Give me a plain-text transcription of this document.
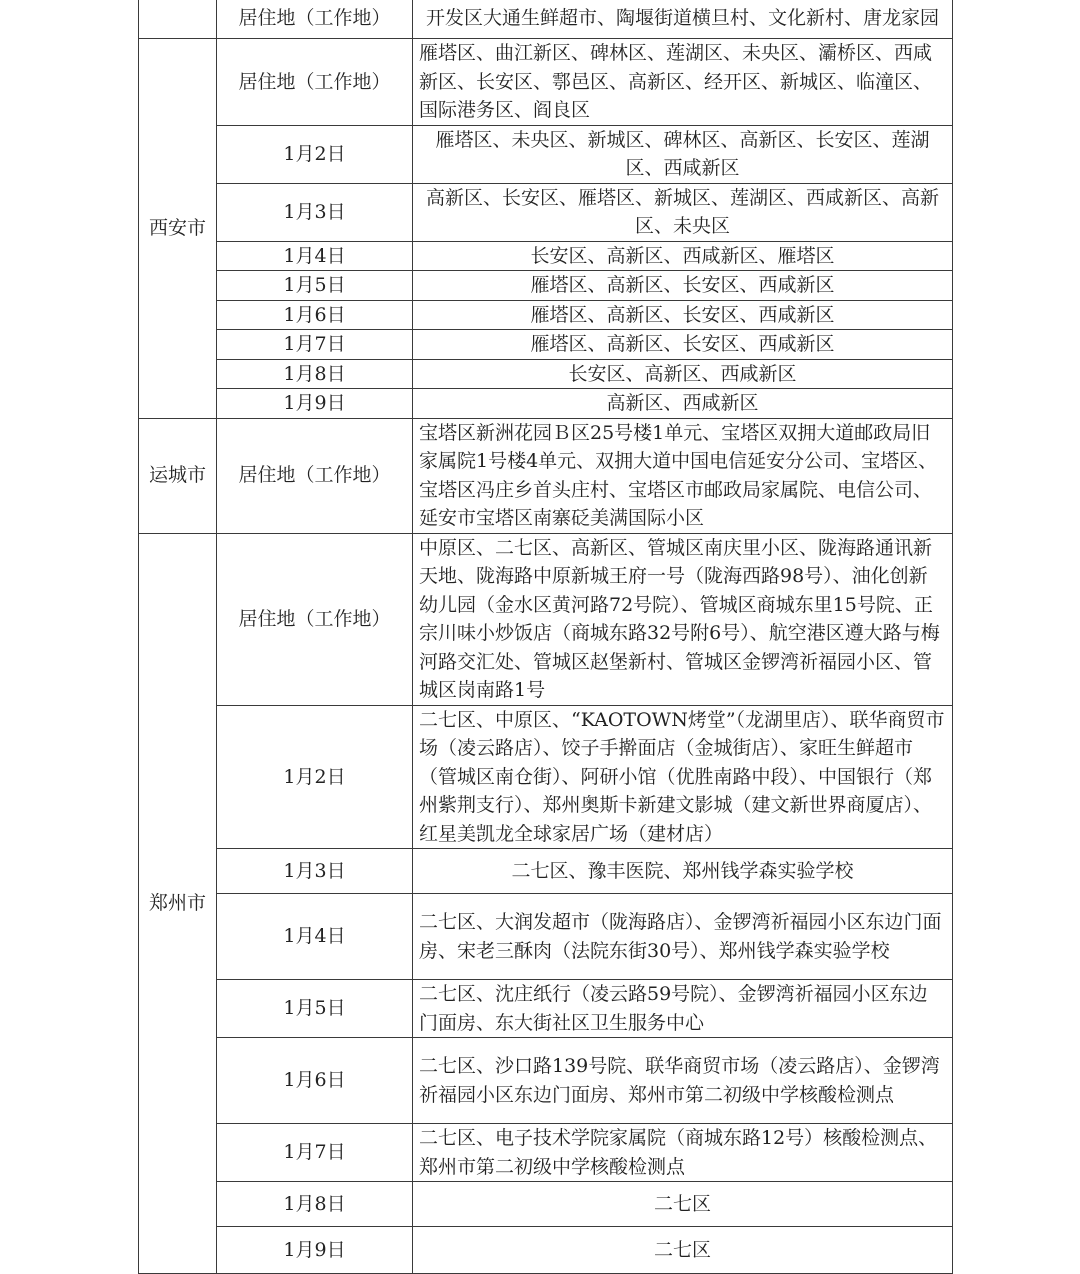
	居住地（工作地）	开发区大通生鲜超市、陶堰街道横旦村、文化新村、唐龙家园
西安市	居住地（工作地）	雁塔区、曲江新区、碑林区、莲湖区、未央区、灞桥区、西咸新区、长安区、鄠邑区、高新区、经开区、新城区、临潼区、国际港务区、阎良区
	1月2日	雁塔区、未央区、新城区、碑林区、高新区、长安区、莲湖区、西咸新区
	1月3日	高新区、长安区、雁塔区、新城区、莲湖区、西咸新区、高新区、未央区
	1月4日	长安区、高新区、西咸新区、雁塔区
	1月5日	雁塔区、高新区、长安区、西咸新区
	1月6日	雁塔区、高新区、长安区、西咸新区
	1月7日	雁塔区、高新区、长安区、西咸新区
	1月8日	长安区、高新区、西咸新区
	1月9日	高新区、西咸新区
运城市	居住地（工作地）	宝塔区新洲花园Ｂ区25号楼1单元、宝塔区双拥大道邮政局旧家属院1号楼4单元、双拥大道中国电信延安分公司、宝塔区、宝塔区冯庄乡首头庄村、宝塔区市邮政局家属院、电信公司、延安市宝塔区南寨砭美满国际小区
郑州市	居住地（工作地）	中原区、二七区、高新区、管城区南庆里小区、陇海路通讯新天地、陇海路中原新城王府一号（陇海西路98号）、油化创新幼儿园（金水区黄河路72号院）、管城区商城东里15号院、正宗川味小炒饭店（商城东路32号附6号）、航空港区遵大路与梅河路交汇处、管城区赵堡新村、管城区金锣湾祈福园小区、管城区岗南路1号
	1月2日	二七区、中原区、“KAOTOWN烤堂”（龙湖里店）、联华商贸市场（凌云路店）、饺子手擀面店（金城街店）、家旺生鲜超市（管城区南仓街）、阿研小馆（优胜南路中段）、中国银行（郑州紫荆支行）、郑州奥斯卡新建文影城（建文新世界商厦店）、红星美凯龙全球家居广场（建材店）
	1月3日	二七区、豫丰医院、郑州钱学森实验学校
	1月4日	二七区、大润发超市（陇海路店）、金锣湾祈福园小区东边门面房、宋老三酥肉（法院东街30号）、郑州钱学森实验学校
	1月5日	二七区、沈庄纸行（凌云路59号院）、金锣湾祈福园小区东边门面房、东大街社区卫生服务中心
	1月6日	二七区、沙口路139号院、联华商贸市场（凌云路店）、金锣湾祈福园小区东边门面房、郑州市第二初级中学核酸检测点
	1月7日	二七区、电子技术学院家属院（商城东路12号）核酸检测点、郑州市第二初级中学核酸检测点
	1月8日	二七区
	1月9日	二七区
